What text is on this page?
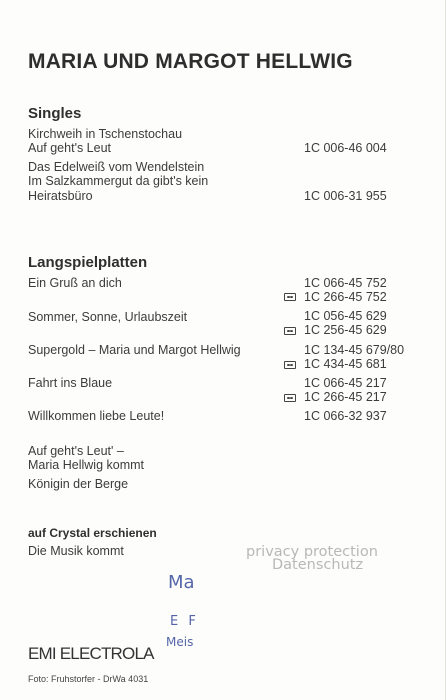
MARIA UND MARGOT HELLWIG
Singles
Kirchweih in Tschenstochau
Auf geht's Leut	1C 006-46 004
Das Edelweiß vom Wendelstein
Im Salzkammergut da gibt's kein
Heiratsbüro	1C 006-31 955
Langspielplatten
Ein Gruß an dich	1C 066-45 752
1C 266-45 752
Sommer, Sonne, Urlaubszeit	1C 056-45 629
1C 256-45 629
Supergold – Maria und Margot Hellwig	1C 134-45 679/80
1C 434-45 681
Fahrt ins Blaue	1C 066-45 217
1C 266-45 217
Willkommen liebe Leute!	1C 066-32 937
Auf geht's Leut' –
Maria Hellwig kommt
Königin der Berge
auf Crystal erschienen
Die Musik kommt	privacy protection
Datenschutz
Ma
E F
Meis
EMI ELECTROLA
Foto: Fruhstorfer - DrWa 4031
